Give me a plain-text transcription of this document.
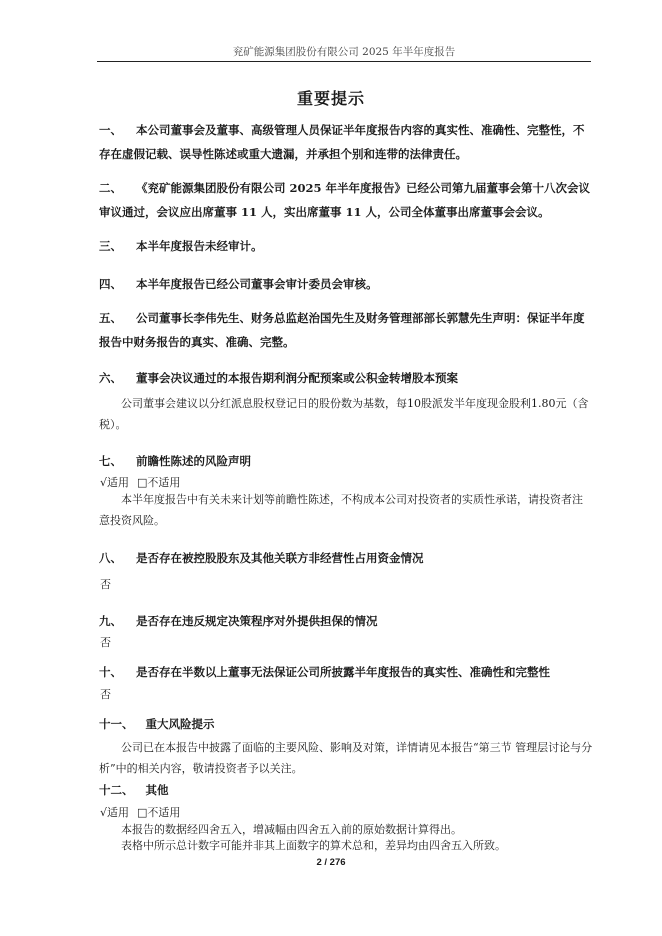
兖矿能源集团股份有限公司 2025 年半年度报告
重要提示
一、 本公司董事会及董事、高级管理人员保证半年度报告内容的真实性、准确性、完整性，不存在虚假记载、误导性陈述或重大遗漏，并承担个别和连带的法律责任。
二、 《兖矿能源集团股份有限公司 2025 年半年度报告》已经公司第九届董事会第十八次会议审议通过，会议应出席董事 11 人，实出席董事 11 人，公司全体董事出席董事会会议。
三、 本半年度报告未经审计。
四、 本半年度报告已经公司董事会审计委员会审核。
五、 公司董事长李伟先生、财务总监赵治国先生及财务管理部部长郭慧先生声明：保证半年度报告中财务报告的真实、准确、完整。
六、 董事会决议通过的本报告期利润分配预案或公积金转增股本预案
公司董事会建议以分红派息股权登记日的股份数为基数，每10股派发半年度现金股利1.80元（含税）。
七、 前瞻性陈述的风险声明
√适用 □不适用
本半年度报告中有关未来计划等前瞻性陈述，不构成本公司对投资者的实质性承诺，请投资者注意投资风险。
八、 是否存在被控股股东及其他关联方非经营性占用资金情况
否
九、 是否存在违反规定决策程序对外提供担保的情况
否
十、 是否存在半数以上董事无法保证公司所披露半年度报告的真实性、准确性和完整性
否
十一、 重大风险提示
公司已在本报告中披露了面临的主要风险、影响及对策，详情请见本报告“第三节 管理层讨论与分析”中的相关内容，敬请投资者予以关注。
十二、 其他
√适用 □不适用
本报告的数据经四舍五入，增减幅由四舍五入前的原始数据计算得出。
表格中所示总计数字可能并非其上面数字的算术总和，差异均由四舍五入所致。
2 / 276
